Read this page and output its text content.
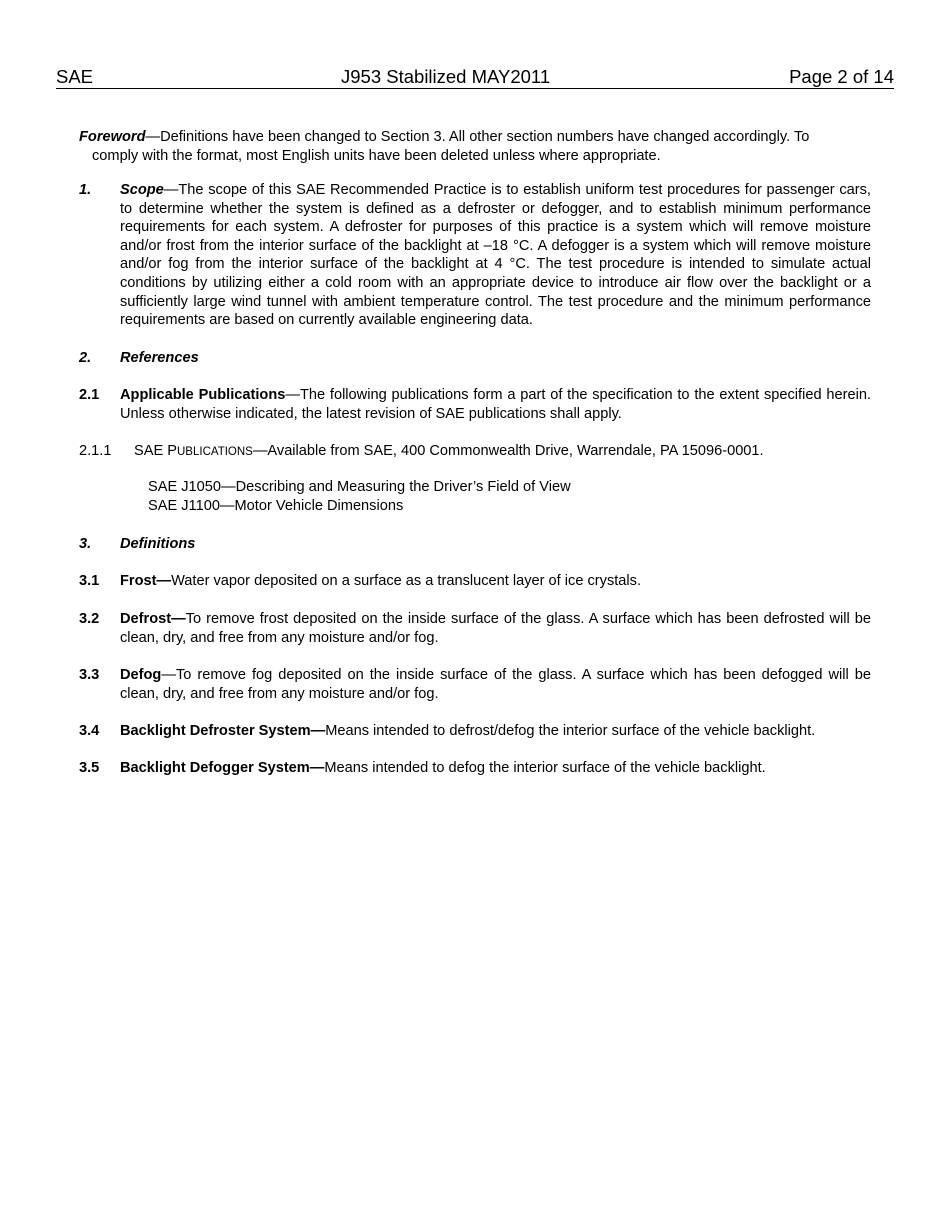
SAE	J953 Stabilized MAY2011	Page 2 of 14
Foreword—Definitions have been changed to Section 3. All other section numbers have changed accordingly. To
comply with the format, most English units have been deleted unless where appropriate.
1. Scope—The scope of this SAE Recommended Practice is to establish uniform test procedures for passenger cars, to determine whether the system is defined as a defroster or defogger, and to establish minimum performance requirements for each system. A defroster for purposes of this practice is a system which will remove moisture and/or frost from the interior surface of the backlight at –18 °C. A defogger is a system which will remove moisture and/or fog from the interior surface of the backlight at 4 °C. The test procedure is intended to simulate actual conditions by utilizing either a cold room with an appropriate device to introduce air flow over the backlight or a sufficiently large wind tunnel with ambient temperature control. The test procedure and the minimum performance requirements are based on currently available engineering data.
2. References
2.1 Applicable Publications—The following publications form a part of the specification to the extent specified herein. Unless otherwise indicated, the latest revision of SAE publications shall apply.
2.1.1 SAE PUBLICATIONS—Available from SAE, 400 Commonwealth Drive, Warrendale, PA 15096-0001.
SAE J1050—Describing and Measuring the Driver’s Field of View
SAE J1100—Motor Vehicle Dimensions
3. Definitions
3.1 Frost—Water vapor deposited on a surface as a translucent layer of ice crystals.
3.2 Defrost—To remove frost deposited on the inside surface of the glass. A surface which has been defrosted will be clean, dry, and free from any moisture and/or fog.
3.3 Defog—To remove fog deposited on the inside surface of the glass. A surface which has been defogged will be clean, dry, and free from any moisture and/or fog.
3.4 Backlight Defroster System—Means intended to defrost/defog the interior surface of the vehicle backlight.
3.5 Backlight Defogger System—Means intended to defog the interior surface of the vehicle backlight.
